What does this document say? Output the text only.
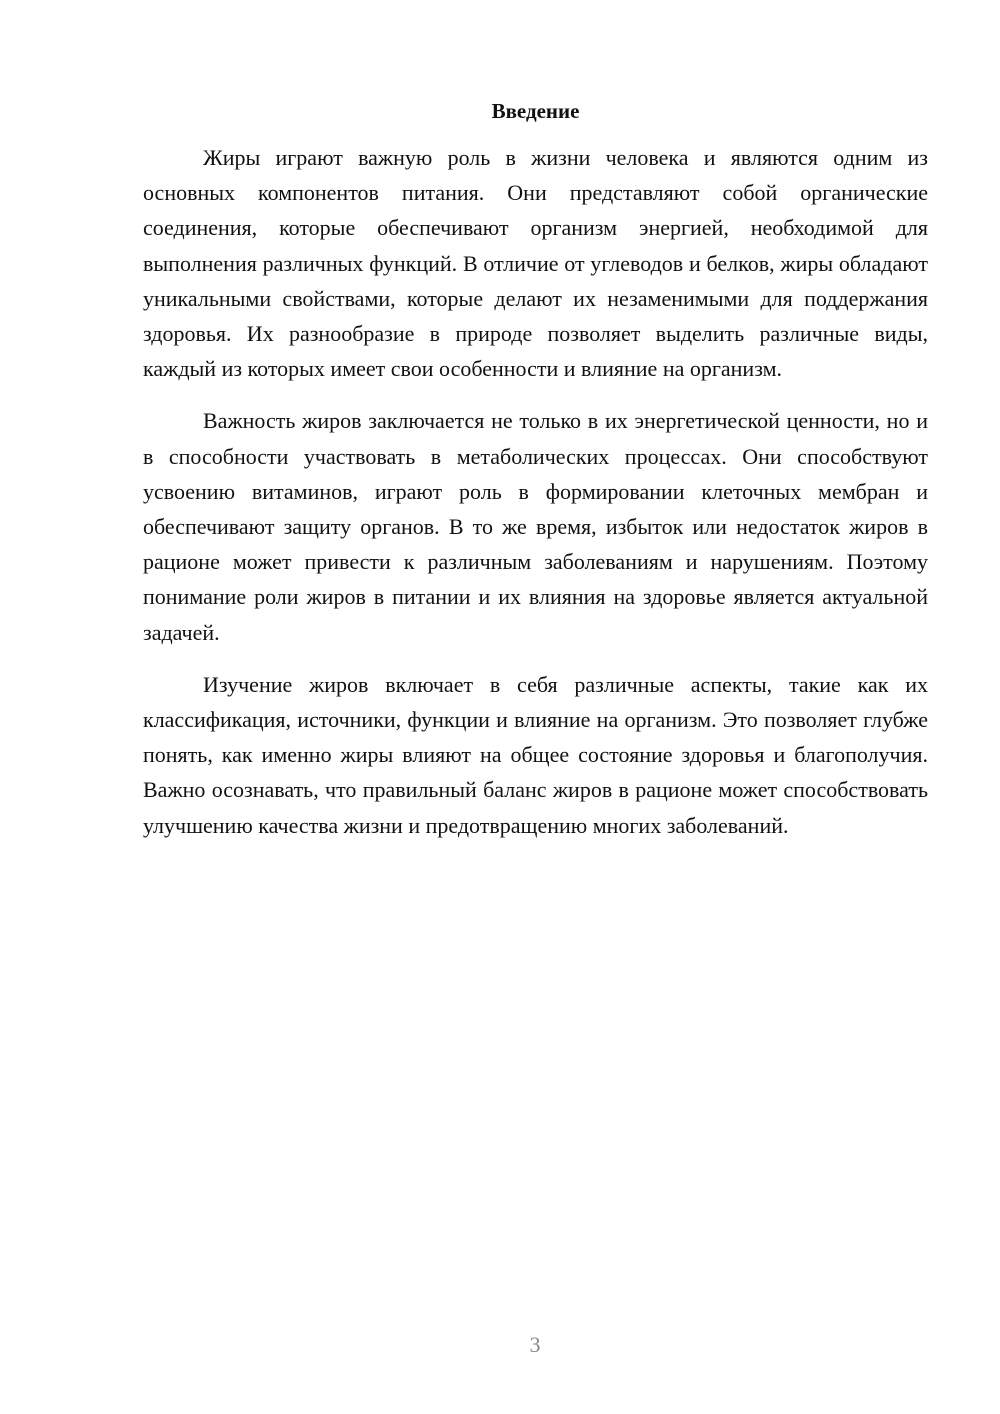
Введение

Жиры играют важную роль в жизни человека и являются одним из основных компонентов питания. Они представляют собой органические соединения, которые обеспечивают организм энергией, необходимой для выполнения различных функций. В отличие от углеводов и белков, жиры обладают уникальными свойствами, которые делают их незаменимыми для поддержания здоровья. Их разнообразие в природе позволяет выделить различные виды, каждый из которых имеет свои особенности и влияние на организм.

Важность жиров заключается не только в их энергетической ценности, но и в способности участвовать в метаболических процессах. Они способствуют усвоению витаминов, играют роль в формировании клеточных мембран и обеспечивают защиту органов. В то же время, избыток или недостаток жиров в рационе может привести к различным заболеваниям и нарушениям. Поэтому понимание роли жиров в питании и их влияния на здоровье является актуальной задачей.

Изучение жиров включает в себя различные аспекты, такие как их классификация, источники, функции и влияние на организм. Это позволяет глубже понять, как именно жиры влияют на общее состояние здоровья и благополучия. Важно осознавать, что правильный баланс жиров в рационе может способствовать улучшению качества жизни и предотвращению многих заболеваний.

3
